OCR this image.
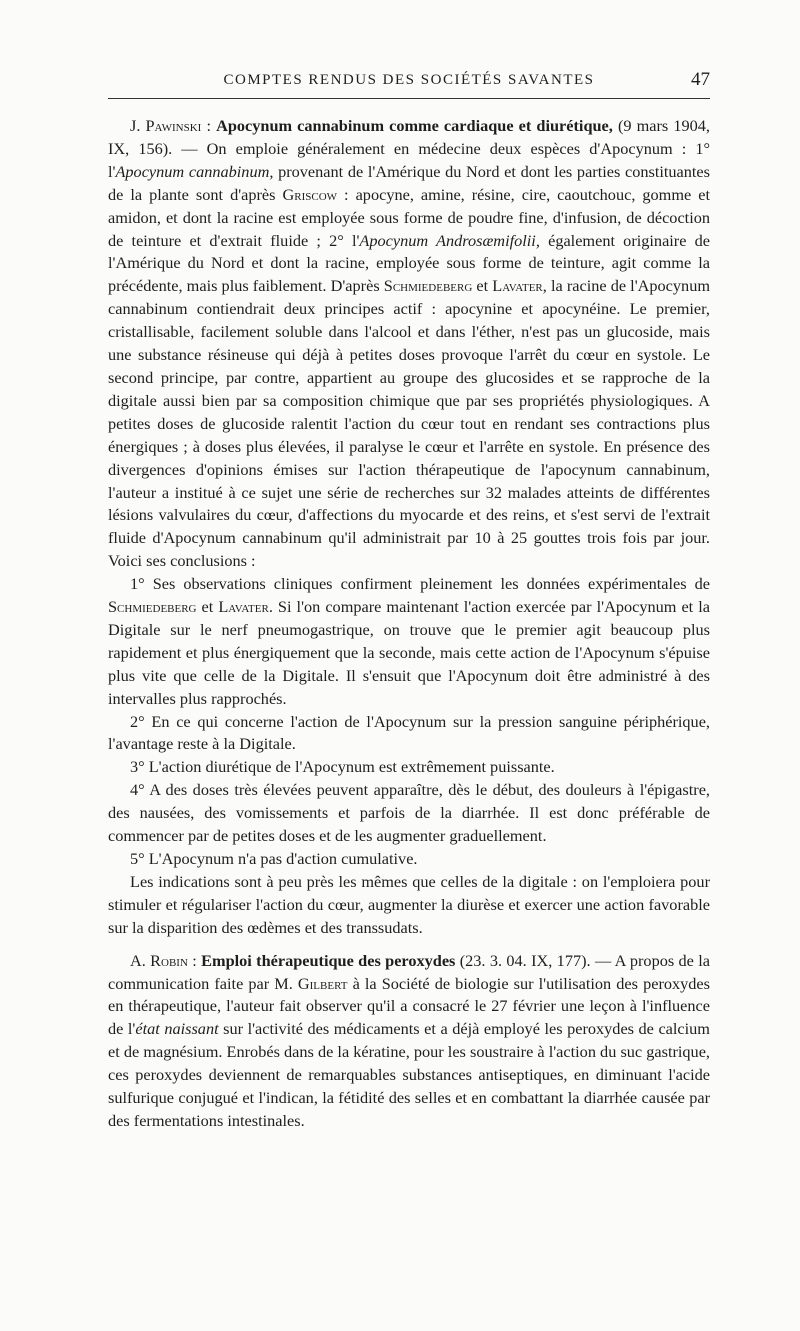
COMPTES RENDUS DES SOCIÉTÉS SAVANTES	47

J. Pawinski : Apocynum cannabinum comme cardiaque et diurétique, (9 mars 1904, IX, 156). — On emploie généralement en médecine deux espèces d'Apocynum : 1° l'Apocynum cannabinum, provenant de l'Amérique du Nord et dont les parties constituantes de la plante sont d'après Griscow : apocyne, amine, résine, cire, caoutchouc, gomme et amidon, et dont la racine est employée sous forme de poudre fine, d'infusion, de décoction de teinture et d'extrait fluide ; 2° l'Apocynum Androsæmifolii, également originaire de l'Amérique du Nord et dont la racine, employée sous forme de teinture, agit comme la précédente, mais plus faiblement. D'après Schmiedeberg et Lavater, la racine de l'Apocynum cannabinum contiendrait deux principes actif : apocynine et apocynéine. Le premier, cristallisable, facilement soluble dans l'alcool et dans l'éther, n'est pas un glucoside, mais une substance résineuse qui déjà à petites doses provoque l'arrêt du cœur en systole. Le second principe, par contre, appartient au groupe des glucosides et se rapproche de la digitale aussi bien par sa composition chimique que par ses propriétés physiologiques. A petites doses de glucoside ralentit l'action du cœur tout en rendant ses contractions plus énergiques ; à doses plus élevées, il paralyse le cœur et l'arrête en systole. En présence des divergences d'opinions émises sur l'action thérapeutique de l'apocynum cannabinum, l'auteur a institué à ce sujet une série de recherches sur 32 malades atteints de différentes lésions valvulaires du cœur, d'affections du myocarde et des reins, et s'est servi de l'extrait fluide d'Apocynum cannabinum qu'il administrait par 10 à 25 gouttes trois fois par jour. Voici ses conclusions :

1° Ses observations cliniques confirment pleinement les données expérimentales de Schmiedeberg et Lavater. Si l'on compare maintenant l'action exercée par l'Apocynum et la Digitale sur le nerf pneumogastrique, on trouve que le premier agit beaucoup plus rapidement et plus énergiquement que la seconde, mais cette action de l'Apocynum s'épuise plus vite que celle de la Digitale. Il s'ensuit que l'Apocynum doit être administré à des intervalles plus rapprochés.

2° En ce qui concerne l'action de l'Apocynum sur la pression sanguine périphérique, l'avantage reste à la Digitale.

3° L'action diurétique de l'Apocynum est extrêmement puissante.

4° A des doses très élevées peuvent apparaître, dès le début, des douleurs à l'épigastre, des nausées, des vomissements et parfois de la diarrhée. Il est donc préférable de commencer par de petites doses et de les augmenter graduellement.

5° L'Apocynum n'a pas d'action cumulative.

Les indications sont à peu près les mêmes que celles de la digitale : on l'emploiera pour stimuler et régulariser l'action du cœur, augmenter la diurèse et exercer une action favorable sur la disparition des œdèmes et des transsudats.

A. Robin : Emploi thérapeutique des peroxydes (23. 3. 04. IX, 177). — A propos de la communication faite par M. Gilbert à la Société de biologie sur l'utilisation des peroxydes en thérapeutique, l'auteur fait observer qu'il a consacré le 27 février une leçon à l'influence de l'état naissant sur l'activité des médicaments et a déjà employé les peroxydes de calcium et de magnésium. Enrobés dans de la kératine, pour les soustraire à l'action du suc gastrique, ces peroxydes deviennent de remarquables substances antiseptiques, en diminuant l'acide sulfurique conjugué et l'indican, la fétidité des selles et en combattant la diarrhée causée par des fermentations intestinales.
